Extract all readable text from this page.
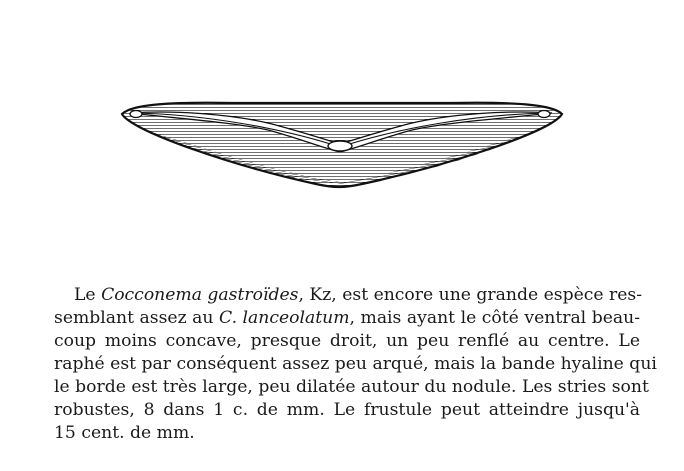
Le Cocconema gastroïdes, Kz, est encore une grande espèce res-
semblant assez au C. lanceolatum, mais ayant le côté ventral beau-
coup moins concave, presque droit, un peu renflé au centre. Le
raphé est par conséquent assez peu arqué, mais la bande hyaline qui
le borde est très large, peu dilatée autour du nodule. Les stries sont
robustes, 8 dans 1 c. de mm. Le frustule peut atteindre jusqu'à
15 cent. de mm.
